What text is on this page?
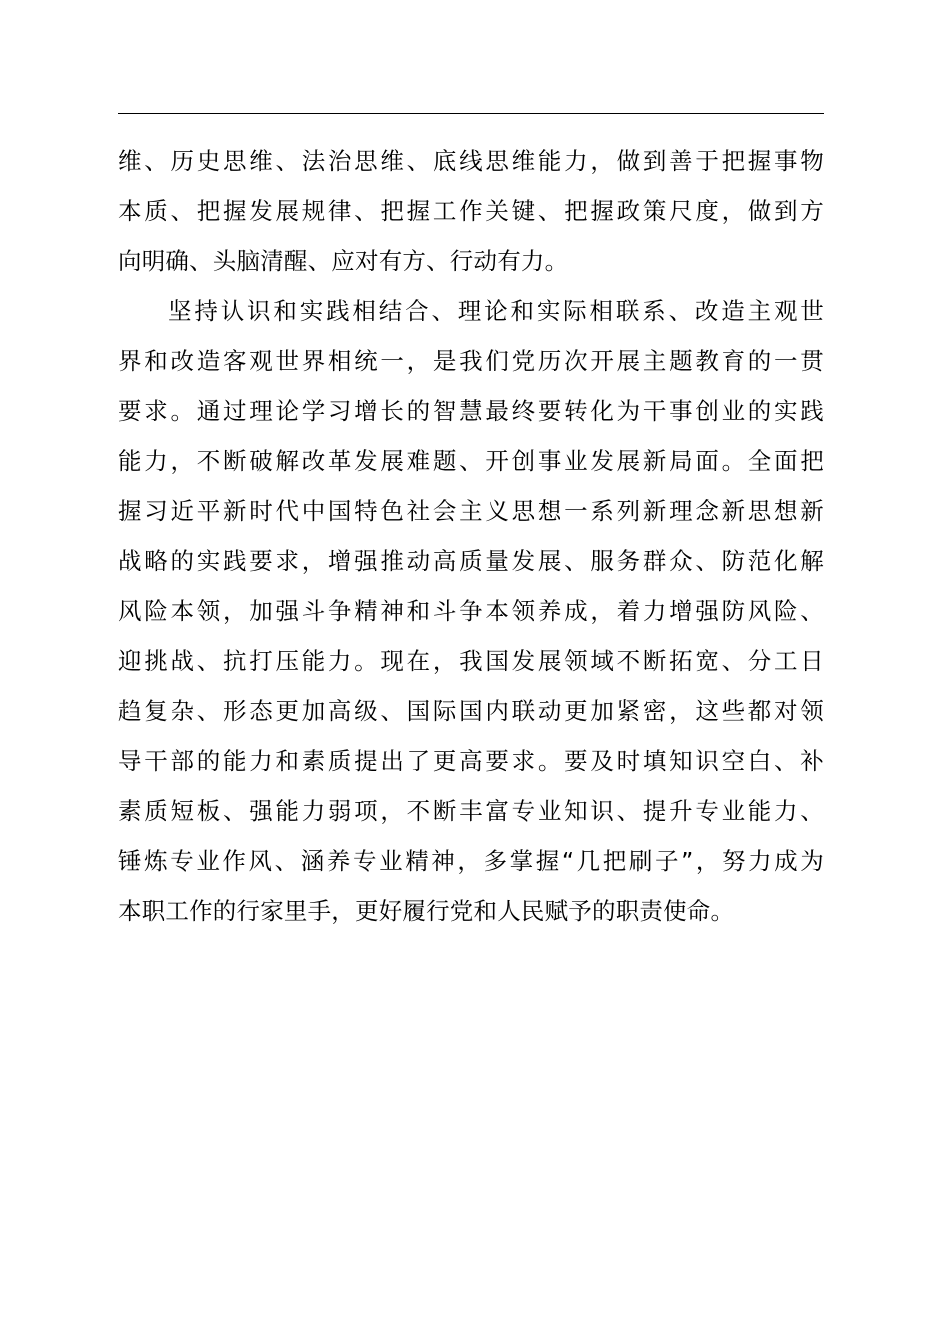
维、历史思维、法治思维、底线思维能力，做到善于把握事物
本质、把握发展规律、把握工作关键、把握政策尺度，做到方
向明确、头脑清醒、应对有方、行动有力。
坚持认识和实践相结合、理论和实际相联系、改造主观世
界和改造客观世界相统一，是我们党历次开展主题教育的一贯
要求。通过理论学习增长的智慧最终要转化为干事创业的实践
能力，不断破解改革发展难题、开创事业发展新局面。全面把
握习近平新时代中国特色社会主义思想一系列新理念新思想新
战略的实践要求，增强推动高质量发展、服务群众、防范化解
风险本领，加强斗争精神和斗争本领养成，着力增强防风险、
迎挑战、抗打压能力。现在，我国发展领域不断拓宽、分工日
趋复杂、形态更加高级、国际国内联动更加紧密，这些都对领
导干部的能力和素质提出了更高要求。要及时填知识空白、补
素质短板、强能力弱项，不断丰富专业知识、提升专业能力、
锤炼专业作风、涵养专业精神，多掌握“几把刷子”，努力成为
本职工作的行家里手，更好履行党和人民赋予的职责使命。
